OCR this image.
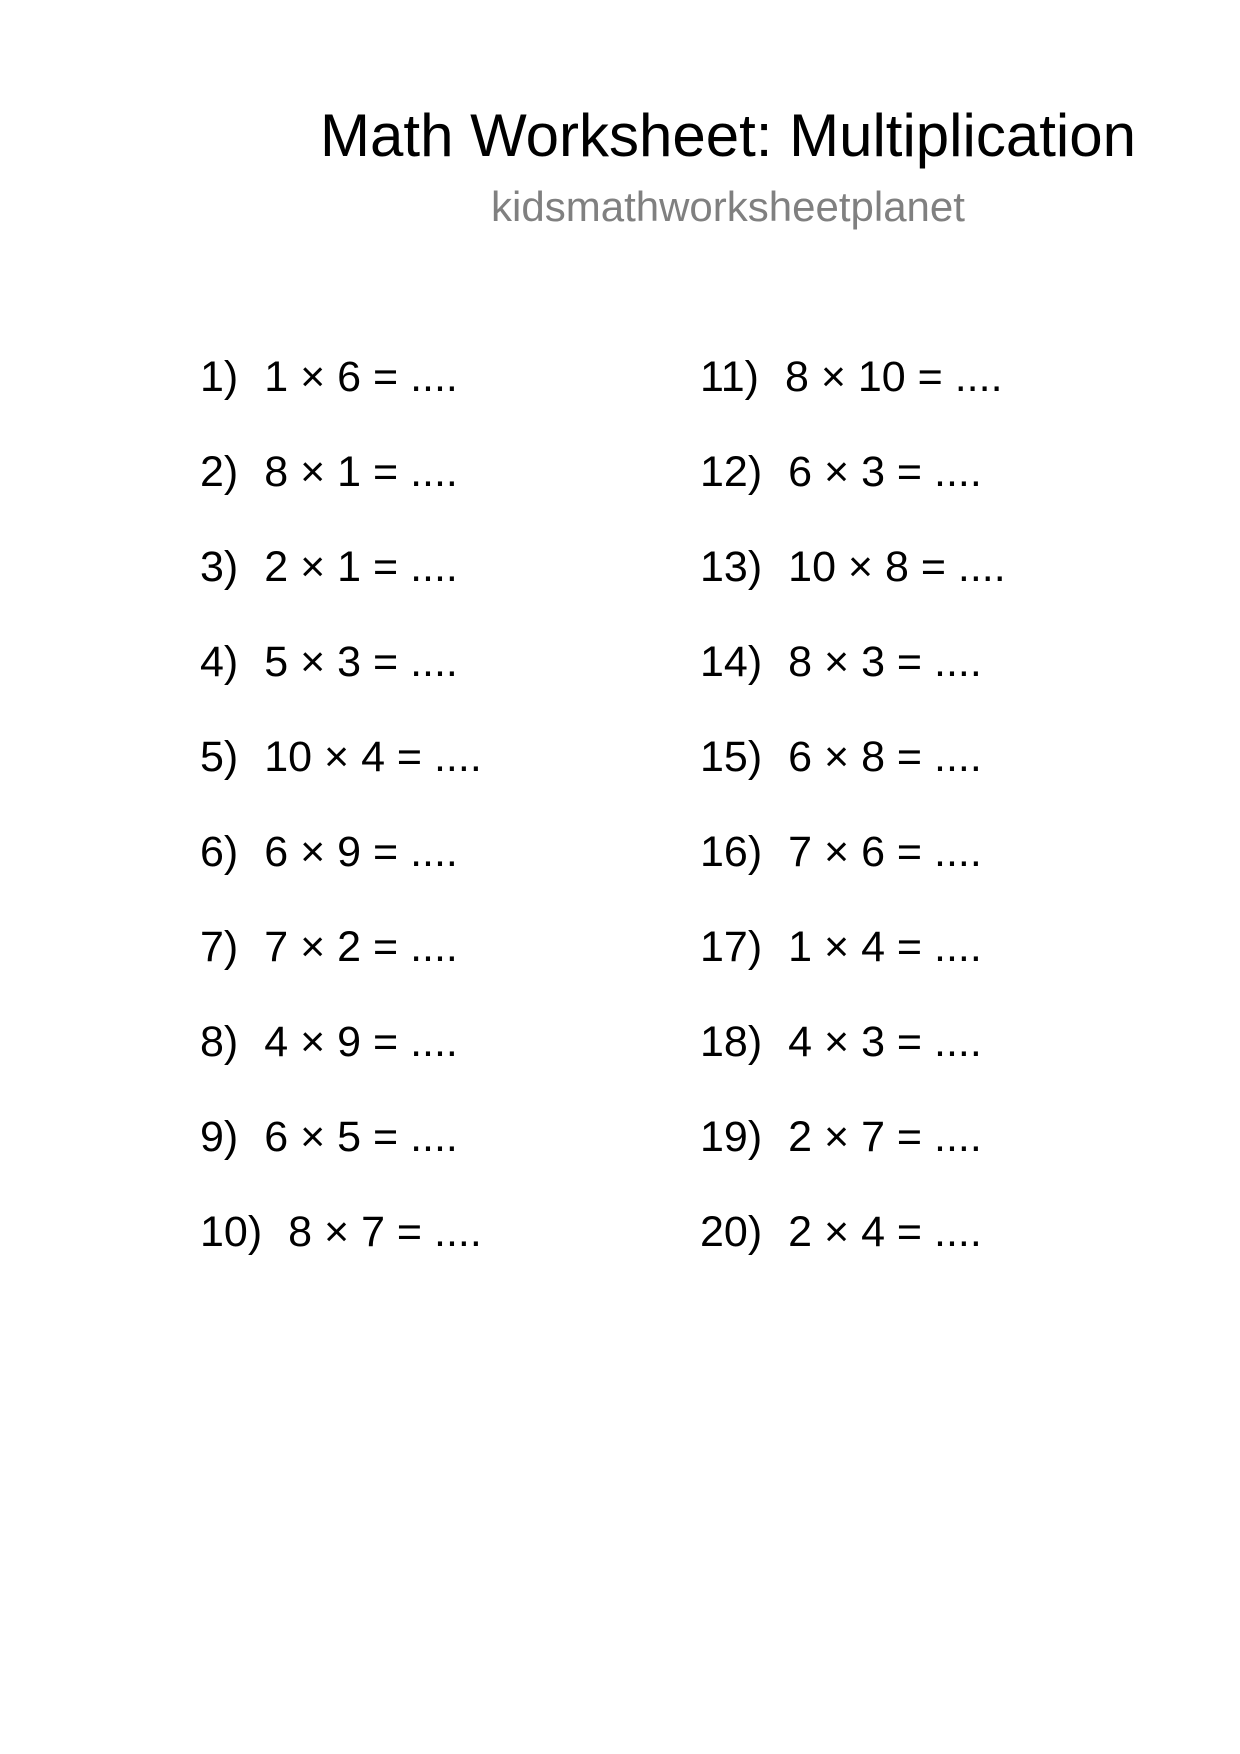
Math Worksheet: Multiplication
kidsmathworksheetplanet
1) 1 × 6 = ....
2) 8 × 1 = ....
3) 2 × 1 = ....
4) 5 × 3 = ....
5) 10 × 4 = ....
6) 6 × 9 = ....
7) 7 × 2 = ....
8) 4 × 9 = ....
9) 6 × 5 = ....
10) 8 × 7 = ....
11) 8 × 10 = ....
12) 6 × 3 = ....
13) 10 × 8 = ....
14) 8 × 3 = ....
15) 6 × 8 = ....
16) 7 × 6 = ....
17) 1 × 4 = ....
18) 4 × 3 = ....
19) 2 × 7 = ....
20) 2 × 4 = ....
